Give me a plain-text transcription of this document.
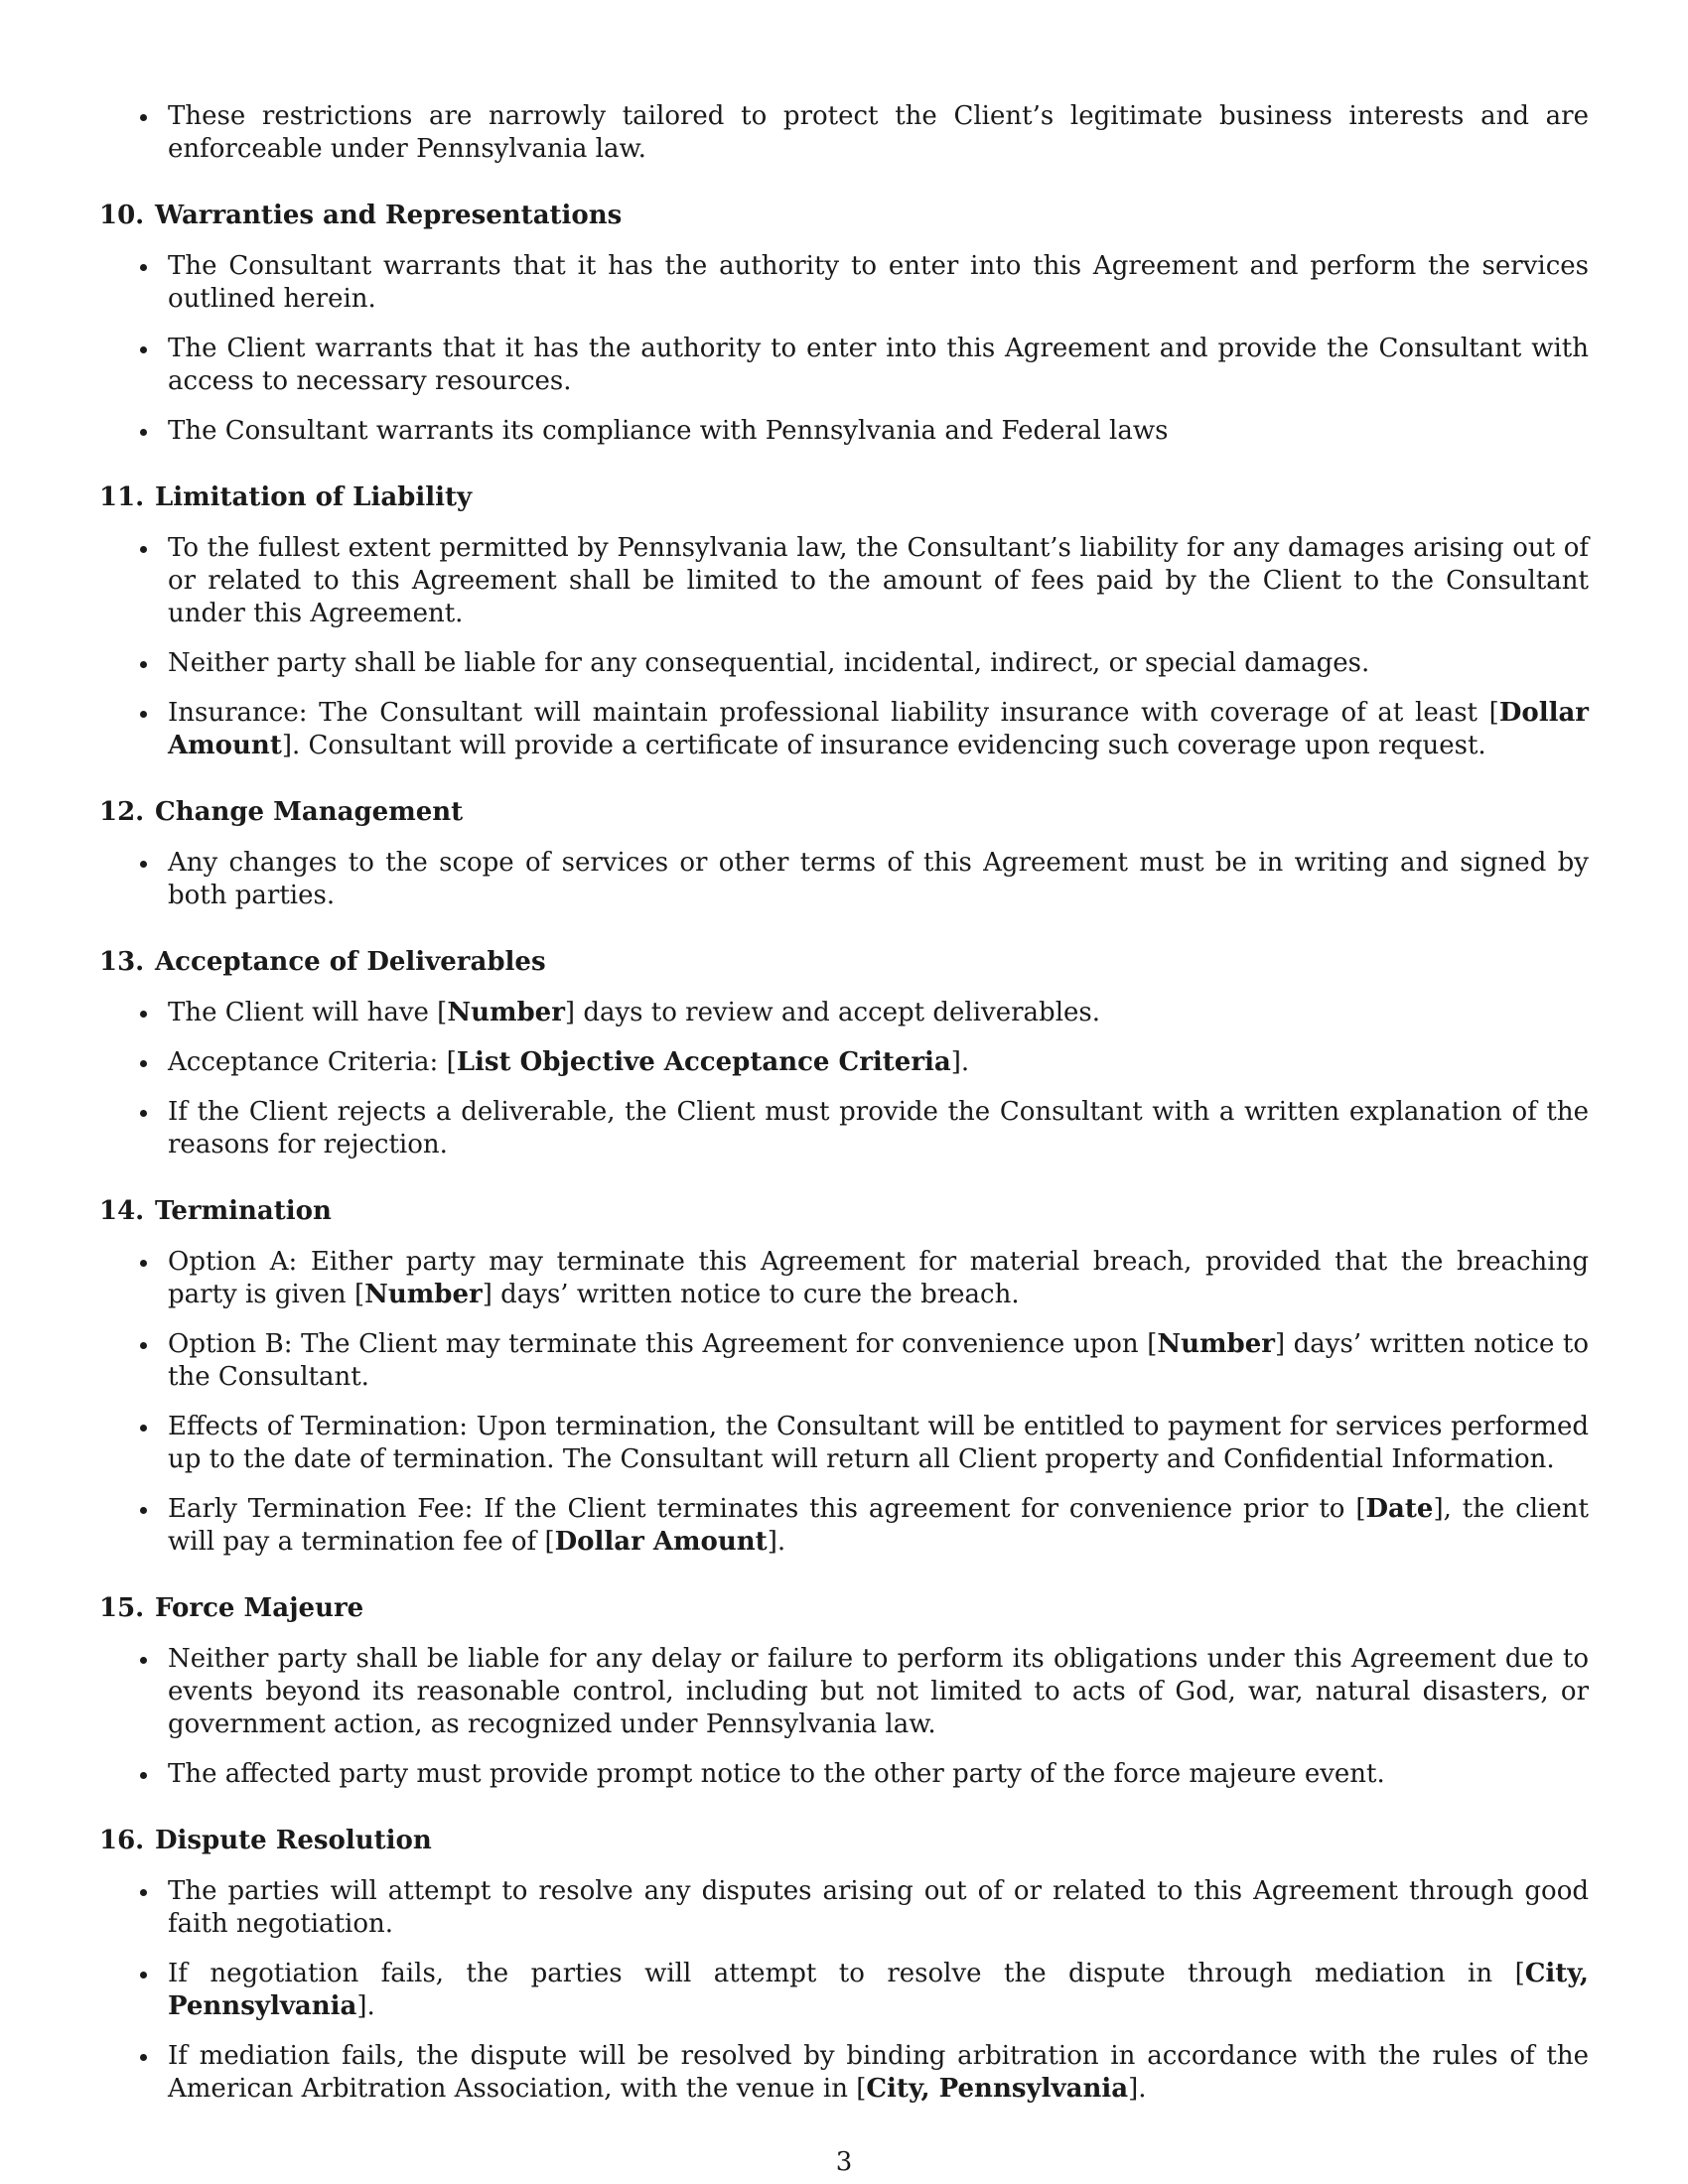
These restrictions are narrowly tailored to protect the Client’s legitimate business interests and are enforceable under Pennsylvania law.
10. Warranties and Representations
The Consultant warrants that it has the authority to enter into this Agreement and perform the services outlined herein.
The Client warrants that it has the authority to enter into this Agreement and provide the Consultant with access to necessary resources.
The Consultant warrants its compliance with Pennsylvania and Federal laws
11. Limitation of Liability
To the fullest extent permitted by Pennsylvania law, the Consultant’s liability for any damages arising out of or related to this Agreement shall be limited to the amount of fees paid by the Client to the Consultant under this Agreement.
Neither party shall be liable for any consequential, incidental, indirect, or special damages.
Insurance: The Consultant will maintain professional liability insurance with coverage of at least [Dollar Amount]. Consultant will provide a certificate of insurance evidencing such coverage upon request.
12. Change Management
Any changes to the scope of services or other terms of this Agreement must be in writing and signed by both parties.
13. Acceptance of Deliverables
The Client will have [Number] days to review and accept deliverables.
Acceptance Criteria: [List Objective Acceptance Criteria].
If the Client rejects a deliverable, the Client must provide the Consultant with a written explanation of the reasons for rejection.
14. Termination
Option A: Either party may terminate this Agreement for material breach, provided that the breaching party is given [Number] days’ written notice to cure the breach.
Option B: The Client may terminate this Agreement for convenience upon [Number] days’ written notice to the Consultant.
Effects of Termination: Upon termination, the Consultant will be entitled to payment for services performed up to the date of termination. The Consultant will return all Client property and Confidential Information.
Early Termination Fee: If the Client terminates this agreement for convenience prior to [Date], the client will pay a termination fee of [Dollar Amount].
15. Force Majeure
Neither party shall be liable for any delay or failure to perform its obligations under this Agreement due to events beyond its reasonable control, including but not limited to acts of God, war, natural disasters, or government action, as recognized under Pennsylvania law.
The affected party must provide prompt notice to the other party of the force majeure event.
16. Dispute Resolution
The parties will attempt to resolve any disputes arising out of or related to this Agreement through good faith negotiation.
If negotiation fails, the parties will attempt to resolve the dispute through mediation in [City, Pennsylvania].
If mediation fails, the dispute will be resolved by binding arbitration in accordance with the rules of the American Arbitration Association, with the venue in [City, Pennsylvania].
3
